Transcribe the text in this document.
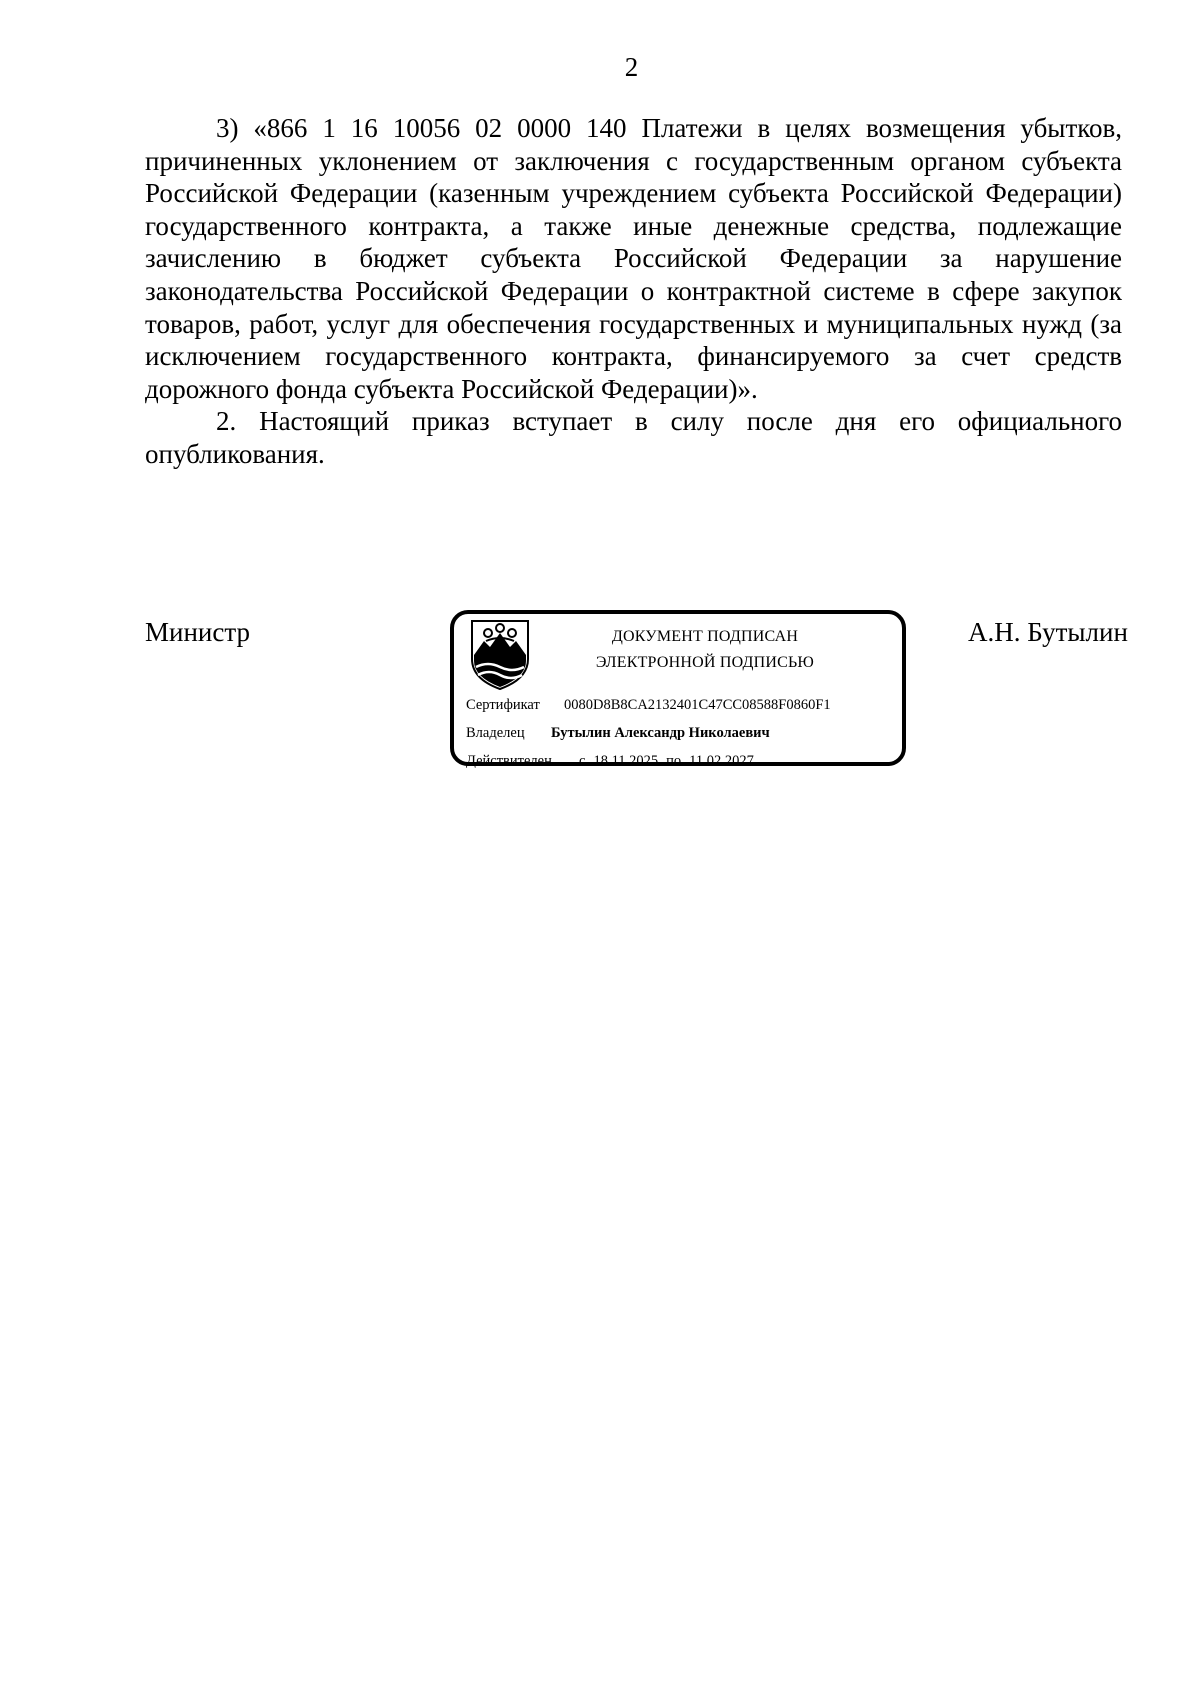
2

3) «866 1 16 10056 02 0000 140 Платежи в целях возмещения убытков, причиненных уклонением от заключения с государственным органом субъекта Российской Федерации (казенным учреждением субъекта Российской Федерации) государственного контракта, а также иные денежные средства, подлежащие зачислению в бюджет субъекта Российской Федерации за нарушение законодательства Российской Федерации о контрактной системе в сфере закупок товаров, работ, услуг для обеспечения государственных и муниципальных нужд (за исключением государственного контракта, финансируемого за счет средств дорожного фонда субъекта Российской Федерации)».

2. Настоящий приказ вступает в силу после дня его официального опубликования.

Министр	ДОКУМЕНТ ПОДПИСАН
ЭЛЕКТРОННОЙ ПОДПИСЬЮ
Сертификат 0080D8B8CA2132401C47CC08588F0860F1
Владелец Бутылин Александр Николаевич
Действителен с 18.11.2025 по 11.02.2027
А.Н. Бутылин
